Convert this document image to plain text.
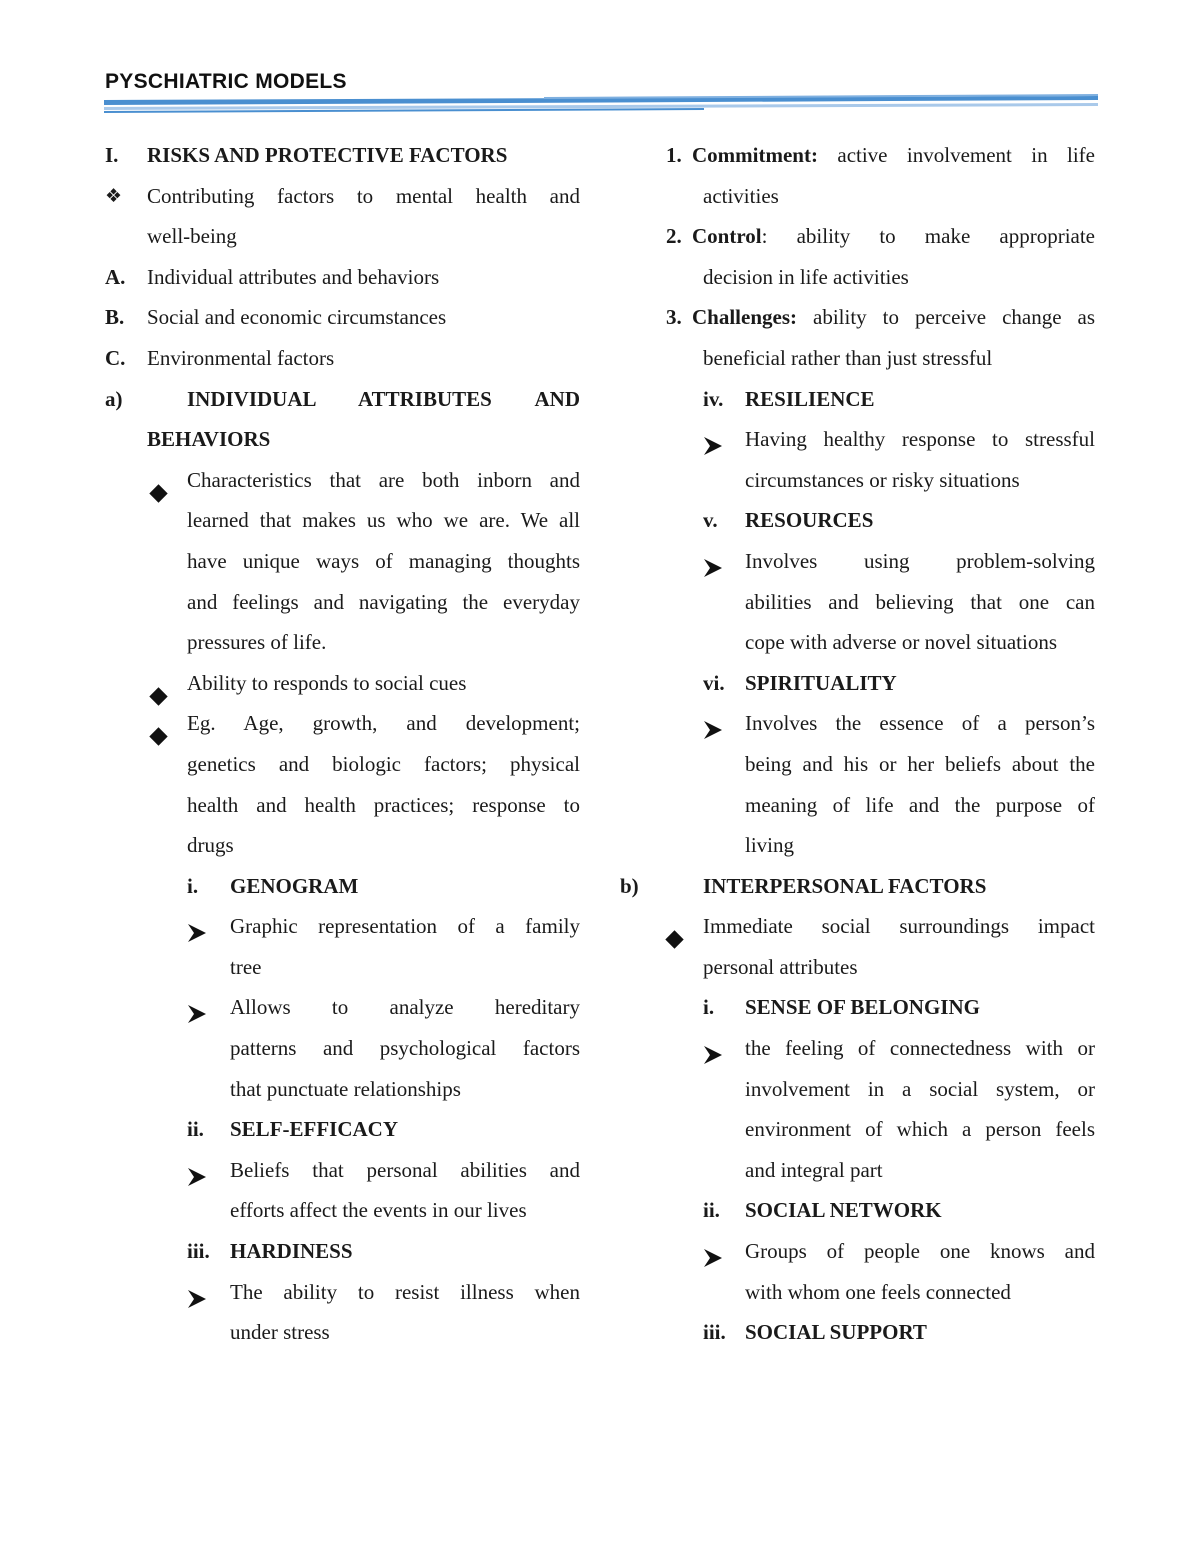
PYSCHIATRIC MODELS
I. RISKS AND PROTECTIVE FACTORS
❖ Contributing factors to mental health and
well-being
A. Individual attributes and behaviors
B. Social and economic circumstances
C. Environmental factors
a)	INDIVIDUAL ATTRIBUTES AND
BEHAVIORS
Characteristics that are both inborn and
learned that makes us who we are. We all
have unique ways of managing thoughts
and feelings and navigating the everyday
pressures of life.
Ability to responds to social cues
Eg. Age, growth, and development;
genetics and biologic factors; physical
health and health practices; response to
drugs
i. GENOGRAM
Graphic representation of a family
tree
Allows to analyze hereditary
patterns and psychological factors
that punctuate relationships
ii. SELF-EFFICACY
Beliefs that personal abilities and
efforts affect the events in our lives
iii. HARDINESS
The ability to resist illness when
under stress
1. Commitment: active involvement in life
activities
2. Control: ability to make appropriate
decision in life activities
3. Challenges: ability to perceive change as
beneficial rather than just stressful
iv. RESILIENCE
Having healthy response to stressful
circumstances or risky situations
v. RESOURCES
Involves using problem-solving
abilities and believing that one can
cope with adverse or novel situations
vi. SPIRITUALITY
Involves the essence of a person’s
being and his or her beliefs about the
meaning of life and the purpose of
living
b)	INTERPERSONAL FACTORS
Immediate social surroundings impact
personal attributes
i. SENSE OF BELONGING
the feeling of connectedness with or
involvement in a social system, or
environment of which a person feels
and integral part
ii. SOCIAL NETWORK
Groups of people one knows and
with whom one feels connected
iii. SOCIAL SUPPORT
